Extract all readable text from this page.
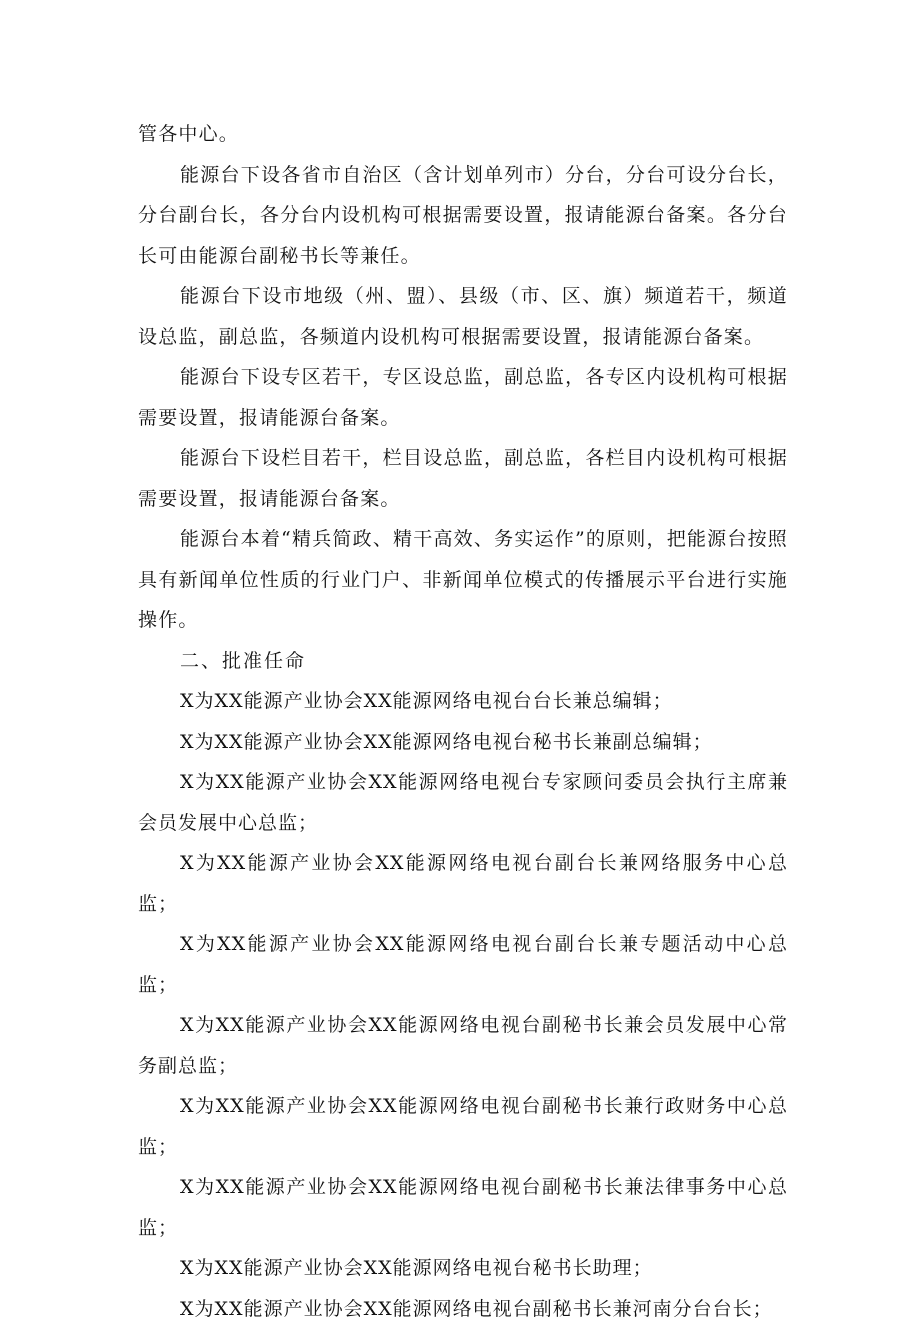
管各中心。

能源台下设各省市自治区（含计划单列市）分台，分台可设分台长，分台副台长，各分台内设机构可根据需要设置，报请能源台备案。各分台长可由能源台副秘书长等兼任。

能源台下设市地级（州、盟）、县级（市、区、旗）频道若干，频道设总监，副总监，各频道内设机构可根据需要设置，报请能源台备案。

能源台下设专区若干，专区设总监，副总监，各专区内设机构可根据需要设置，报请能源台备案。

能源台下设栏目若干，栏目设总监，副总监，各栏目内设机构可根据需要设置，报请能源台备案。

能源台本着“精兵简政、精干高效、务实运作”的原则，把能源台按照具有新闻单位性质的行业门户、非新闻单位模式的传播展示平台进行实施操作。

二、批准任命

X为XX能源产业协会XX能源网络电视台台长兼总编辑；
X为XX能源产业协会XX能源网络电视台秘书长兼副总编辑；
X为XX能源产业协会XX能源网络电视台专家顾问委员会执行主席兼会员发展中心总监；
X为XX能源产业协会XX能源网络电视台副台长兼网络服务中心总监；
X为XX能源产业协会XX能源网络电视台副台长兼专题活动中心总监；
X为XX能源产业协会XX能源网络电视台副秘书长兼会员发展中心常务副总监；
X为XX能源产业协会XX能源网络电视台副秘书长兼行政财务中心总监；
X为XX能源产业协会XX能源网络电视台副秘书长兼法律事务中心总监；
X为XX能源产业协会XX能源网络电视台秘书长助理；
X为XX能源产业协会XX能源网络电视台副秘书长兼河南分台台长；
